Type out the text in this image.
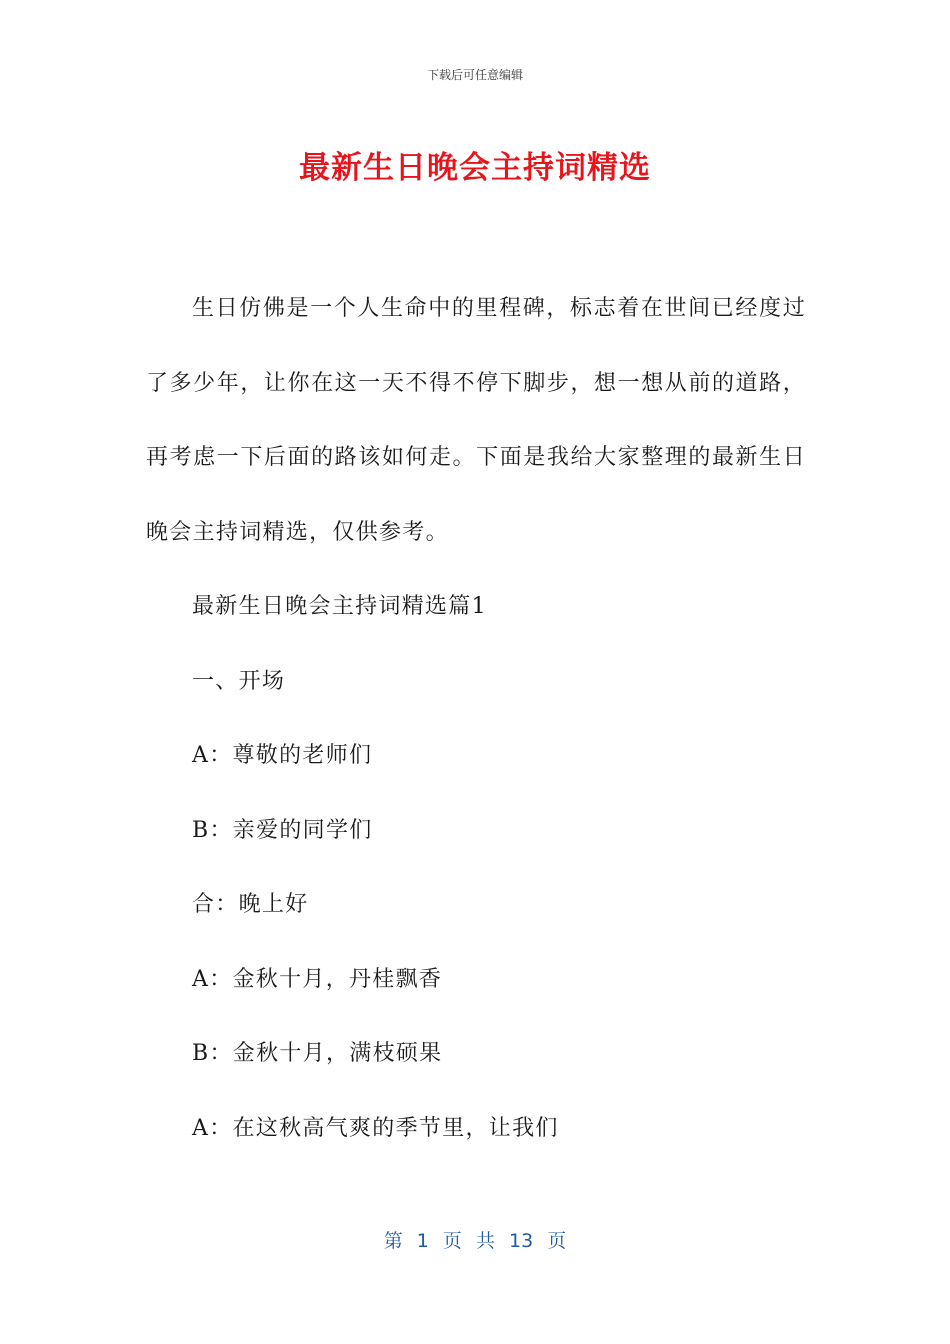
下载后可任意编辑
最新生日晚会主持词精选

生日仿佛是一个人生命中的里程碑，标志着在世间已经度过了多少年，让你在这一天不得不停下脚步，想一想从前的道路，再考虑一下后面的路该如何走。下面是我给大家整理的最新生日晚会主持词精选，仅供参考。

最新生日晚会主持词精选篇1

一、开场

A：尊敬的老师们

B：亲爱的同学们

合：晚上好

A：金秋十月，丹桂飘香

B：金秋十月，满枝硕果

A：在这秋高气爽的季节里，让我们

第 1 页 共 13 页
